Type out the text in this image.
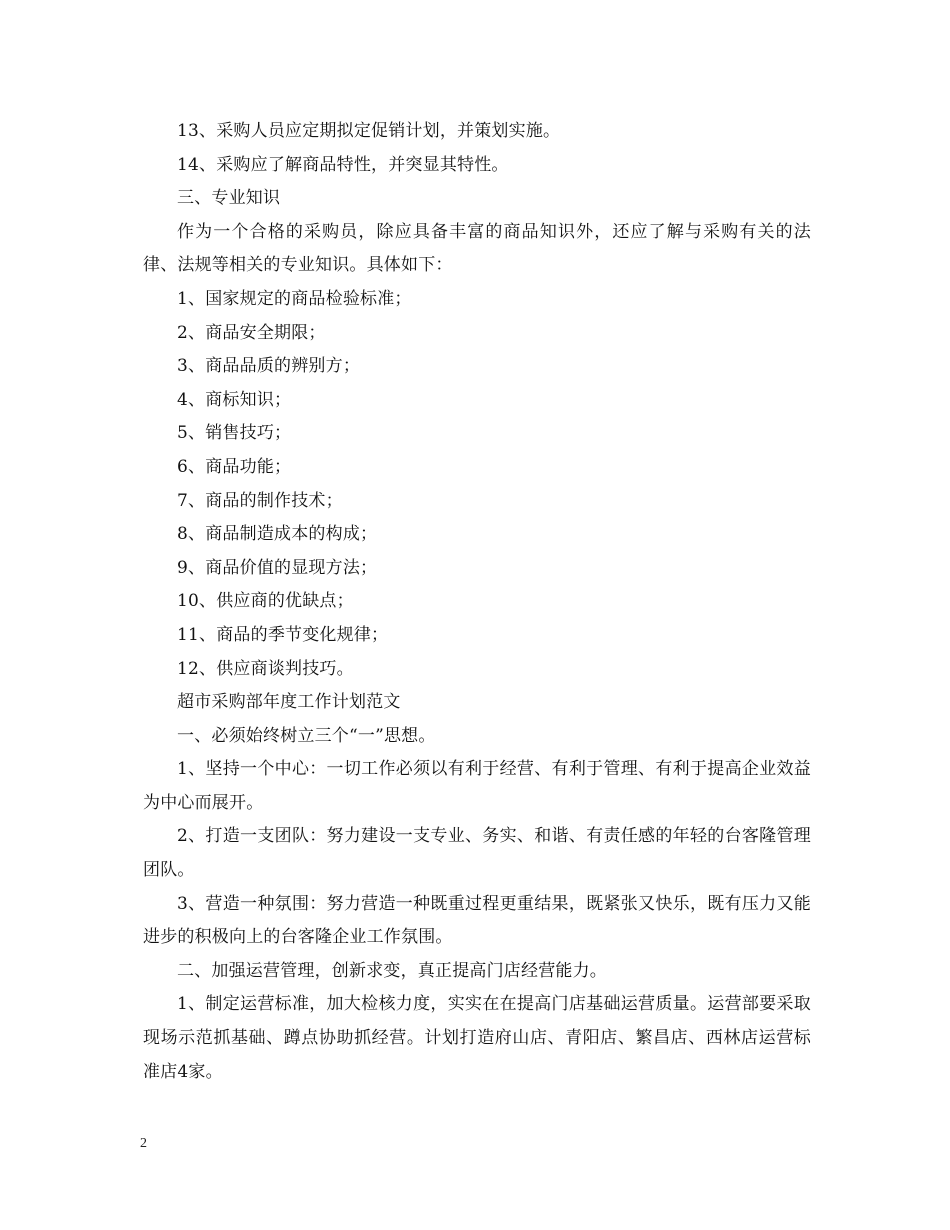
13、采购人员应定期拟定促销计划，并策划实施。

14、采购应了解商品特性，并突显其特性。

三、专业知识

作为一个合格的采购员，除应具备丰富的商品知识外，还应了解与采购有关的法律、法规等相关的专业知识。具体如下：

1、国家规定的商品检验标准；

2、商品安全期限；

3、商品品质的辨别方；

4、商标知识；

5、销售技巧；

6、商品功能；

7、商品的制作技术；

8、商品制造成本的构成；

9、商品价值的显现方法；

10、供应商的优缺点；

11、商品的季节变化规律；

12、供应商谈判技巧。

超市采购部年度工作计划范文

一、必须始终树立三个“一”思想。

1、坚持一个中心：一切工作必须以有利于经营、有利于管理、有利于提高企业效益为中心而展开。

2、打造一支团队：努力建设一支专业、务实、和谐、有责任感的年轻的台客隆管理团队。

3、营造一种氛围：努力营造一种既重过程更重结果，既紧张又快乐，既有压力又能进步的积极向上的台客隆企业工作氛围。

二、加强运营管理，创新求变，真正提高门店经营能力。

1、制定运营标准，加大检核力度，实实在在提高门店基础运营质量。运营部要采取现场示范抓基础、蹲点协助抓经营。计划打造府山店、青阳店、繁昌店、西林店运营标准店4家。

2
